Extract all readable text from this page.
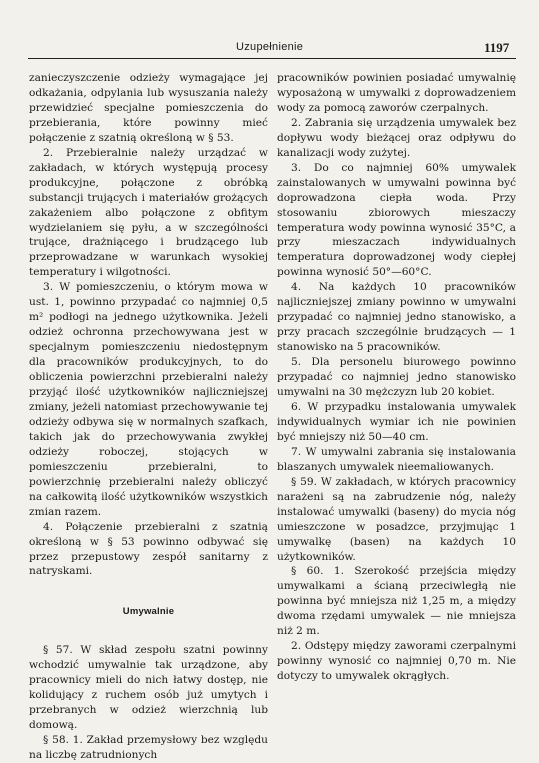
Uzupełnienie	1197

zanieczyszczenie odzieży wymagające jej odkażania, odpylania lub wysuszania należy przewidzieć specjalne pomieszczenia do przebierania, które powinny mieć połączenie z szatnią określoną w § 53.

2. Przebieralnie należy urządzać w zakładach, w których występują procesy produkcyjne, połączone z obróbką substancji trujących i materiałów grożących zakażeniem albo połączone z obfitym wydzielaniem się pyłu, a w szczególności trujące, drażniącego i brudzącego lub przeprowadzane w warunkach wysokiej temperatury i wilgotności.

3. W pomieszczeniu, o którym mowa w ust. 1, powinno przypadać co najmniej 0,5 m² podłogi na jednego użytkownika. Jeżeli odzież ochronna przechowywana jest w specjalnym pomieszczeniu niedostępnym dla pracowników produkcyjnych, to do obliczenia powierzchni przebieralni należy przyjąć ilość użytkowników najliczniejszej zmiany, jeżeli natomiast przechowywanie tej odzieży odbywa się w normalnych szafkach, takich jak do przechowywania zwykłej odzieży roboczej, stojących w pomieszczeniu przebieralni, to powierzchnię przebieralni należy obliczyć na całkowitą ilość użytkowników wszystkich zmian razem.

4. Połączenie przebieralni z szatnią określoną w § 53 powinno odbywać się przez przepustowy zespół sanitarny z natryskami.

Umywalnie

§ 57. W skład zespołu szatni powinny wchodzić umywalnie tak urządzone, aby pracownicy mieli do nich łatwy dostęp, nie kolidujący z ruchem osób już umytych i przebranych w odzież wierzchnią lub domową.

§ 58. 1. Zakład przemysłowy bez względu na liczbę zatrudnionych

pracowników powinien posiadać umywalnię wyposażoną w umywalki z doprowadzeniem wody za pomocą zaworów czerpalnych.

2. Zabrania się urządzenia umywalek bez dopływu wody bieżącej oraz odpływu do kanalizacji wody zużytej.

3. Do co najmniej 60% umywalek zainstalowanych w umywalni powinna być doprowadzona ciepła woda. Przy stosowaniu zbiorowych mieszaczy temperatura wody powinna wynosić 35°C, a przy mieszaczach indywidualnych temperatura doprowadzonej wody ciepłej powinna wynosić 50°—60°C.

4. Na każdych 10 pracowników najliczniejszej zmiany powinno w umywalni przypadać co najmniej jedno stanowisko, a przy pracach szczególnie brudzących — 1 stanowisko na 5 pracowników.

5. Dla personelu biurowego powinno przypadać co najmniej jedno stanowisko umywalni na 30 mężczyzn lub 20 kobiet.

6. W przypadku instalowania umywalek indywidualnych wymiar ich nie powinien być mniejszy niż 50—40 cm.

7. W umywalni zabrania się instalowania blaszanych umywalek nieemaliowanych.

§ 59. W zakładach, w których pracownicy narażeni są na zabrudzenie nóg, należy instalować umywalki (baseny) do mycia nóg umieszczone w posadzce, przyjmując 1 umywalkę (basen) na każdych 10 użytkowników.

§ 60. 1. Szerokość przejścia między umywalkami a ścianą przeciwległą nie powinna być mniejsza niż 1,25 m, a między dwoma rzędami umywalek — nie mniejsza niż 2 m.

2. Odstępy między zaworami czerpalnymi powinny wynosić co najmniej 0,70 m. Nie dotyczy to umywalek okrągłych.
